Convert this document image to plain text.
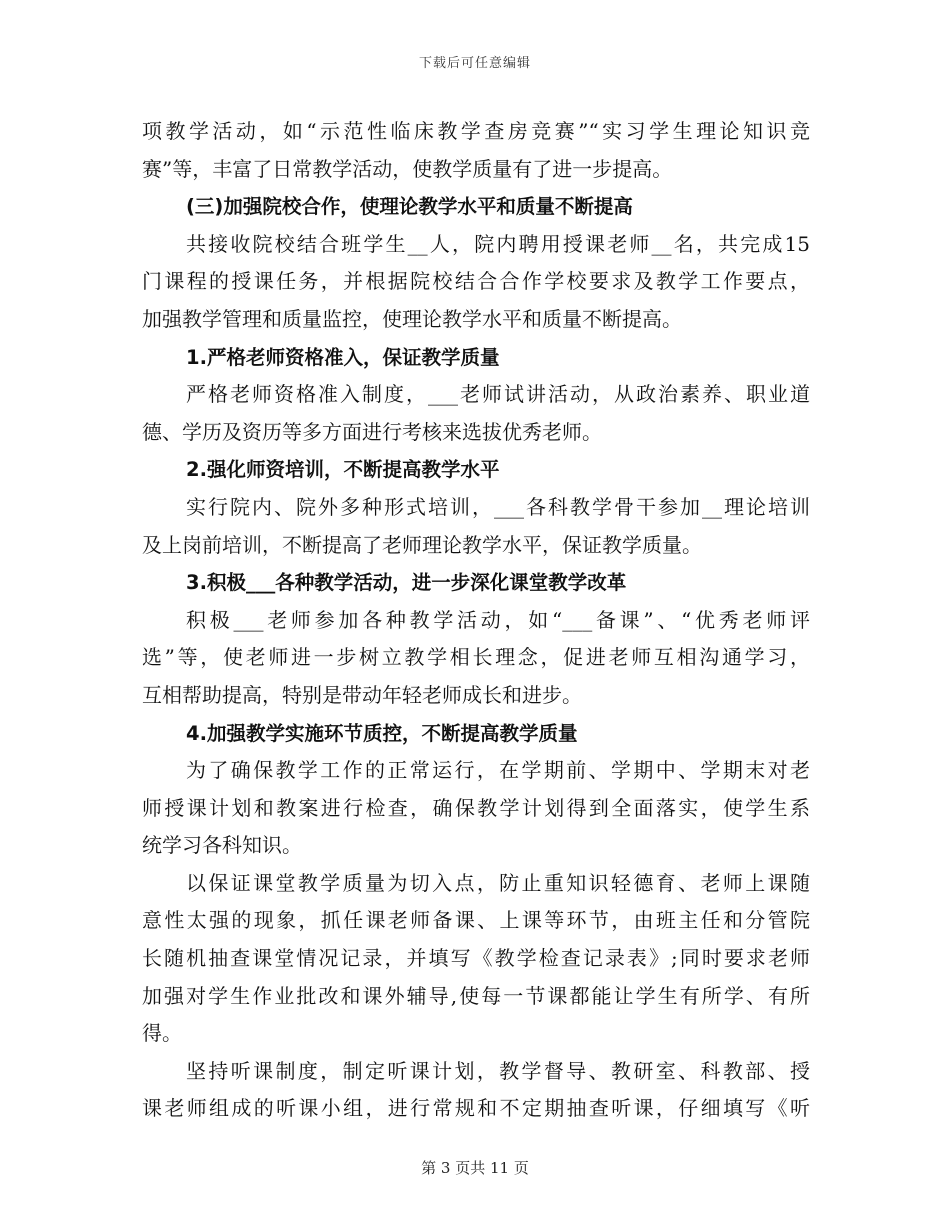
下载后可任意编辑
项教学活动，如“示范性临床教学查房竞赛”“实习学生理论知识竞
赛”等，丰富了日常教学活动，使教学质量有了进一步提高。
(三)加强院校合作，使理论教学水平和质量不断提高
共接收院校结合班学生__人，院内聘用授课老师__名，共完成15
门课程的授课任务，并根据院校结合合作学校要求及教学工作要点，
加强教学管理和质量监控，使理论教学水平和质量不断提高。
1.严格老师资格准入，保证教学质量
严格老师资格准入制度，___老师试讲活动，从政治素养、职业道
德、学历及资历等多方面进行考核来选拔优秀老师。
2.强化师资培训，不断提高教学水平
实行院内、院外多种形式培训，___各科教学骨干参加__理论培训
及上岗前培训，不断提高了老师理论教学水平，保证教学质量。
3.积极___各种教学活动，进一步深化课堂教学改革
积极___老师参加各种教学活动，如“___备课”、“优秀老师评
选”等，使老师进一步树立教学相长理念，促进老师互相沟通学习，
互相帮助提高，特别是带动年轻老师成长和进步。
4.加强教学实施环节质控，不断提高教学质量
为了确保教学工作的正常运行，在学期前、学期中、学期末对老
师授课计划和教案进行检查，确保教学计划得到全面落实，使学生系
统学习各科知识。
以保证课堂教学质量为切入点，防止重知识轻德育、老师上课随
意性太强的现象，抓任课老师备课、上课等环节，由班主任和分管院
长随机抽查课堂情况记录，并填写《教学检查记录表》;同时要求老师
加强对学生作业批改和课外辅导,使每一节课都能让学生有所学、有所
得。
坚持听课制度，制定听课计划，教学督导、教研室、科教部、授
课老师组成的听课小组，进行常规和不定期抽查听课，仔细填写《听
第 3 页共 11 页
